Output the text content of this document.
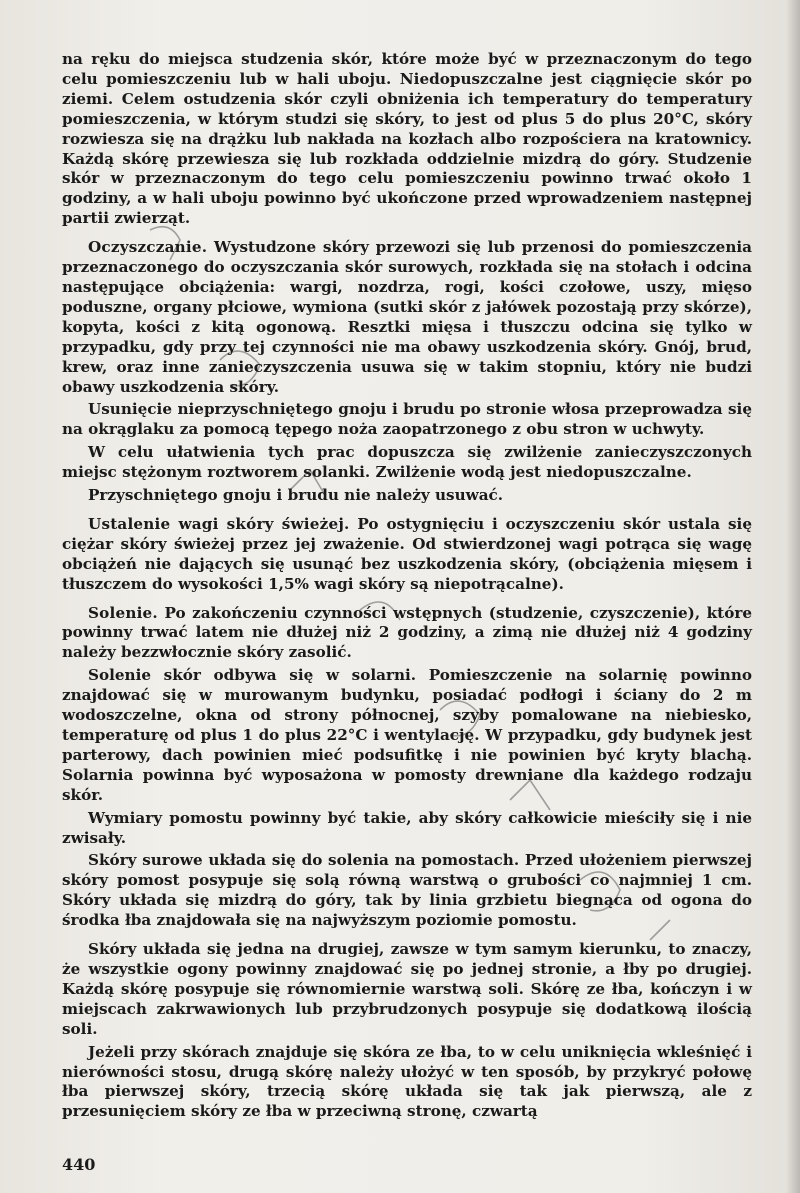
na ręku do miejsca studzenia skór, które może być w przeznaczonym do tego celu pomieszczeniu lub w hali uboju. Niedopuszczalne jest ciągnięcie skór po ziemi. Celem ostudzenia skór czyli obniżenia ich temperatury do temperatury pomieszczenia, w którym studzi się skóry, to jest od plus 5 do plus 20°C, skóry rozwiesza się na drążku lub nakłada na kozłach albo rozpościera na kratownicy. Każdą skórę przewiesza się lub rozkłada oddzielnie mizdrą do góry. Studzenie skór w przeznaczonym do tego celu pomieszczeniu powinno trwać około 1 godziny, a w hali uboju powinno być ukończone przed wprowadzeniem następnej partii zwierząt.

Oczyszczanie. Wystudzone skóry przewozi się lub przenosi do pomieszczenia przeznaczonego do oczyszczania skór surowych, rozkłada się na stołach i odcina następujące obciążenia: wargi, nozdrza, rogi, kości czołowe, uszy, mięso poduszne, organy płciowe, wymiona (sutki skór z jałówek pozostają przy skórze), kopyta, kości z kitą ogonową. Resztki mięsa i tłuszczu odcina się tylko w przypadku, gdy przy tej czynności nie ma obawy uszkodzenia skóry. Gnój, brud, krew, oraz inne zanieczyszczenia usuwa się w takim stopniu, który nie budzi obawy uszkodzenia skóry.

Usunięcie nieprzyschniętego gnoju i brudu po stronie włosa przeprowadza się na okrąglaku za pomocą tępego noża zaopatrzonego z obu stron w uchwyty.

W celu ułatwienia tych prac dopuszcza się zwilżenie zanieczyszczonych miejsc stężonym roztworem solanki. Zwilżenie wodą jest niedopuszczalne.

Przyschniętego gnoju i brudu nie należy usuwać.

Ustalenie wagi skóry świeżej. Po ostygnięciu i oczyszczeniu skór ustala się ciężar skóry świeżej przez jej zważenie. Od stwierdzonej wagi potrąca się wagę obciążeń nie dających się usunąć bez uszkodzenia skóry, (obciążenia mięsem i tłuszczem do wysokości 1,5% wagi skóry są niepotrącalne).

Solenie. Po zakończeniu czynności wstępnych (studzenie, czyszczenie), które powinny trwać latem nie dłużej niż 2 godziny, a zimą nie dłużej niż 4 godziny należy bezzwłocznie skóry zasolić.

Solenie skór odbywa się w solarni. Pomieszczenie na solarnię powinno znajdować się w murowanym budynku, posiadać podłogi i ściany do 2 m wodoszczelne, okna od strony północnej, szyby pomalowane na niebiesko, temperaturę od plus 1 do plus 22°C i wentylację. W przypadku, gdy budynek jest parterowy, dach powinien mieć podsufitkę i nie powinien być kryty blachą. Solarnia powinna być wyposażona w pomosty drewniane dla każdego rodzaju skór.

Wymiary pomostu powinny być takie, aby skóry całkowicie mieściły się i nie zwisały.

Skóry surowe układa się do solenia na pomostach. Przed ułożeniem pierwszej skóry pomost posypuje się solą równą warstwą o grubości co najmniej 1 cm. Skóry układa się mizdrą do góry, tak by linia grzbietu biegnąca od ogona do środka łba znajdowała się na najwyższym poziomie pomostu.

Skóry układa się jedna na drugiej, zawsze w tym samym kierunku, to znaczy, że wszystkie ogony powinny znajdować się po jednej stronie, a łby po drugiej. Każdą skórę posypuje się równomiernie warstwą soli. Skórę ze łba, kończyn i w miejscach zakrwawionych lub przybrudzonych posypuje się dodatkową ilością soli.

Jeżeli przy skórach znajduje się skóra ze łba, to w celu uniknięcia wkleśnięć i nierówności stosu, drugą skórę należy ułożyć w ten sposób, by przykryć połowę łba pierwszej skóry, trzecią skórę układa się tak jak pierwszą, ale z przesunięciem skóry ze łba w przeciwną stronę, czwartą

440
